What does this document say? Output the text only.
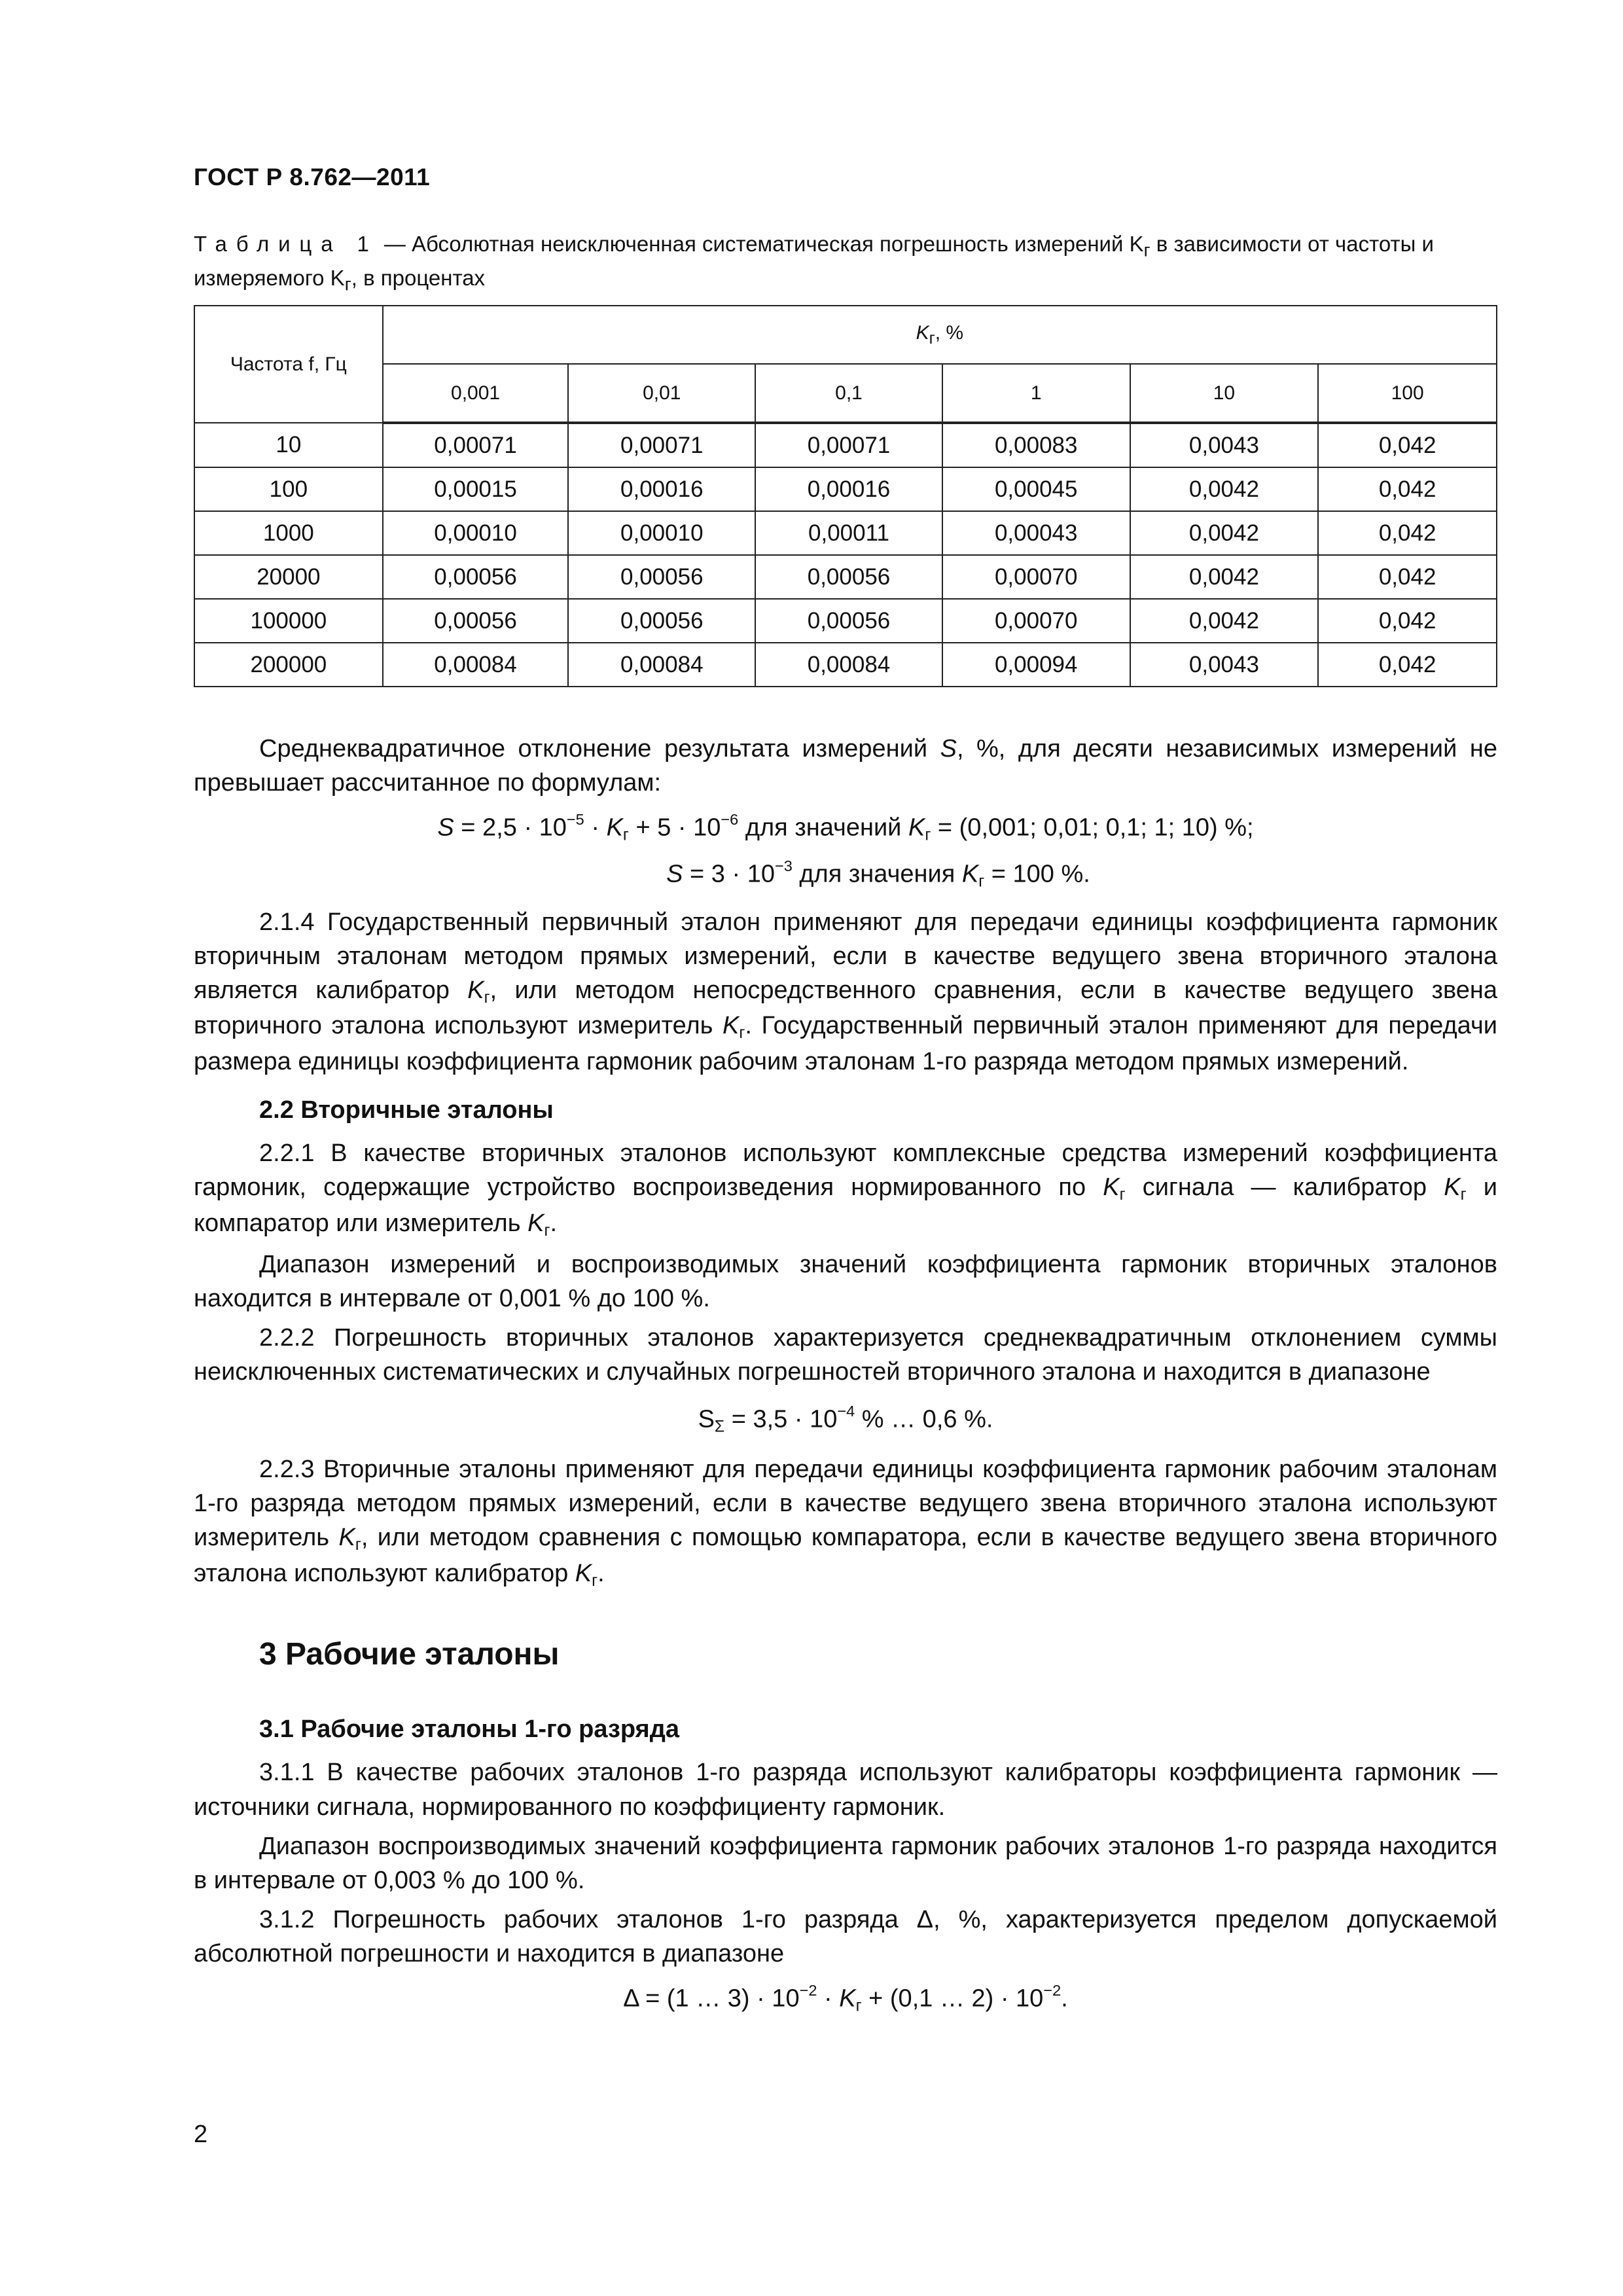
ГОСТ Р 8.762—2011
Таблица 1 — Абсолютная неисключенная систематическая погрешность измерений $K_г$ в зависимости от частоты и измеряемого $K_г$, в процентах
Частота f, Гц	$K_г$, %					
	0,001	0,01	0,1	1	10	100
10	0,00071	0,00071	0,00071	0,00083	0,0043	0,042
100	0,00015	0,00016	0,00016	0,00045	0,0042	0,042
1000	0,00010	0,00010	0,00011	0,00043	0,0042	0,042
20000	0,00056	0,00056	0,00056	0,00070	0,0042	0,042
100000	0,00056	0,00056	0,00056	0,00070	0,0042	0,042
200000	0,00084	0,00084	0,00084	0,00094	0,0043	0,042

Среднеквадратичное отклонение результата измерений S, %, для десяти независимых измерений не превышает рассчитанное по формулам:

$S = 2,5 \cdot 10^{-5} \cdot K_г + 5 \cdot 10^{-6}$ для значений $K_г = (0,001$; 0,01; 0,1; 1; 10) %;

$S = 3 \cdot 10^{-3}$ для значения $K_г = 100$ %.

2.1.4 Государственный первичный эталон применяют для передачи единицы коэффициента гармоник вторичным эталонам методом прямых измерений, если в качестве ведущего звена вторичного эталона является калибратор $K_г$, или методом непосредственного сравнения, если в качестве ведущего звена вторичного эталона используют измеритель $K_г$. Государственный первичный эталон применяют для передачи размера единицы коэффициента гармоник рабочим эталонам 1-го разряда методом прямых измерений.

2.2 Вторичные эталоны

2.2.1 В качестве вторичных эталонов используют комплексные средства измерений коэффициента гармоник, содержащие устройство воспроизведения нормированного по $K_г$ сигнала — калибратор $K_г$ и компаратор или измеритель $K_г$.

Диапазон измерений и воспроизводимых значений коэффициента гармоник вторичных эталонов находится в интервале от 0,001 % до 100 %.

2.2.2 Погрешность вторичных эталонов характеризуется среднеквадратичным отклонением суммы неисключенных систематических и случайных погрешностей вторичного эталона и находится в диапазоне

$S_\Sigma = 3,5 \cdot 10^{-4}$ % … 0,6 %.

2.2.3 Вторичные эталоны применяют для передачи единицы коэффициента гармоник рабочим эталонам 1-го разряда методом прямых измерений, если в качестве ведущего звена вторичного эталона используют измеритель $K_г$, или методом сравнения с помощью компаратора, если в качестве ведущего звена вторичного эталона используют калибратор $K_г$.

3 Рабочие эталоны
3.1 Рабочие эталоны 1-го разряда

3.1.1 В качестве рабочих эталонов 1-го разряда используют калибраторы коэффициента гармоник — источники сигнала, нормированного по коэффициенту гармоник.

Диапазон воспроизводимых значений коэффициента гармоник рабочих эталонов 1-го разряда находится в интервале от 0,003 % до 100 %.

3.1.2 Погрешность рабочих эталонов 1-го разряда Δ, %, характеризуется пределом допускаемой абсолютной погрешности и находится в диапазоне

Δ = (1 … $3) \cdot 10^{-2} \cdot K_г + (0,1$ … $2) \cdot 10^{-2}$.

2
